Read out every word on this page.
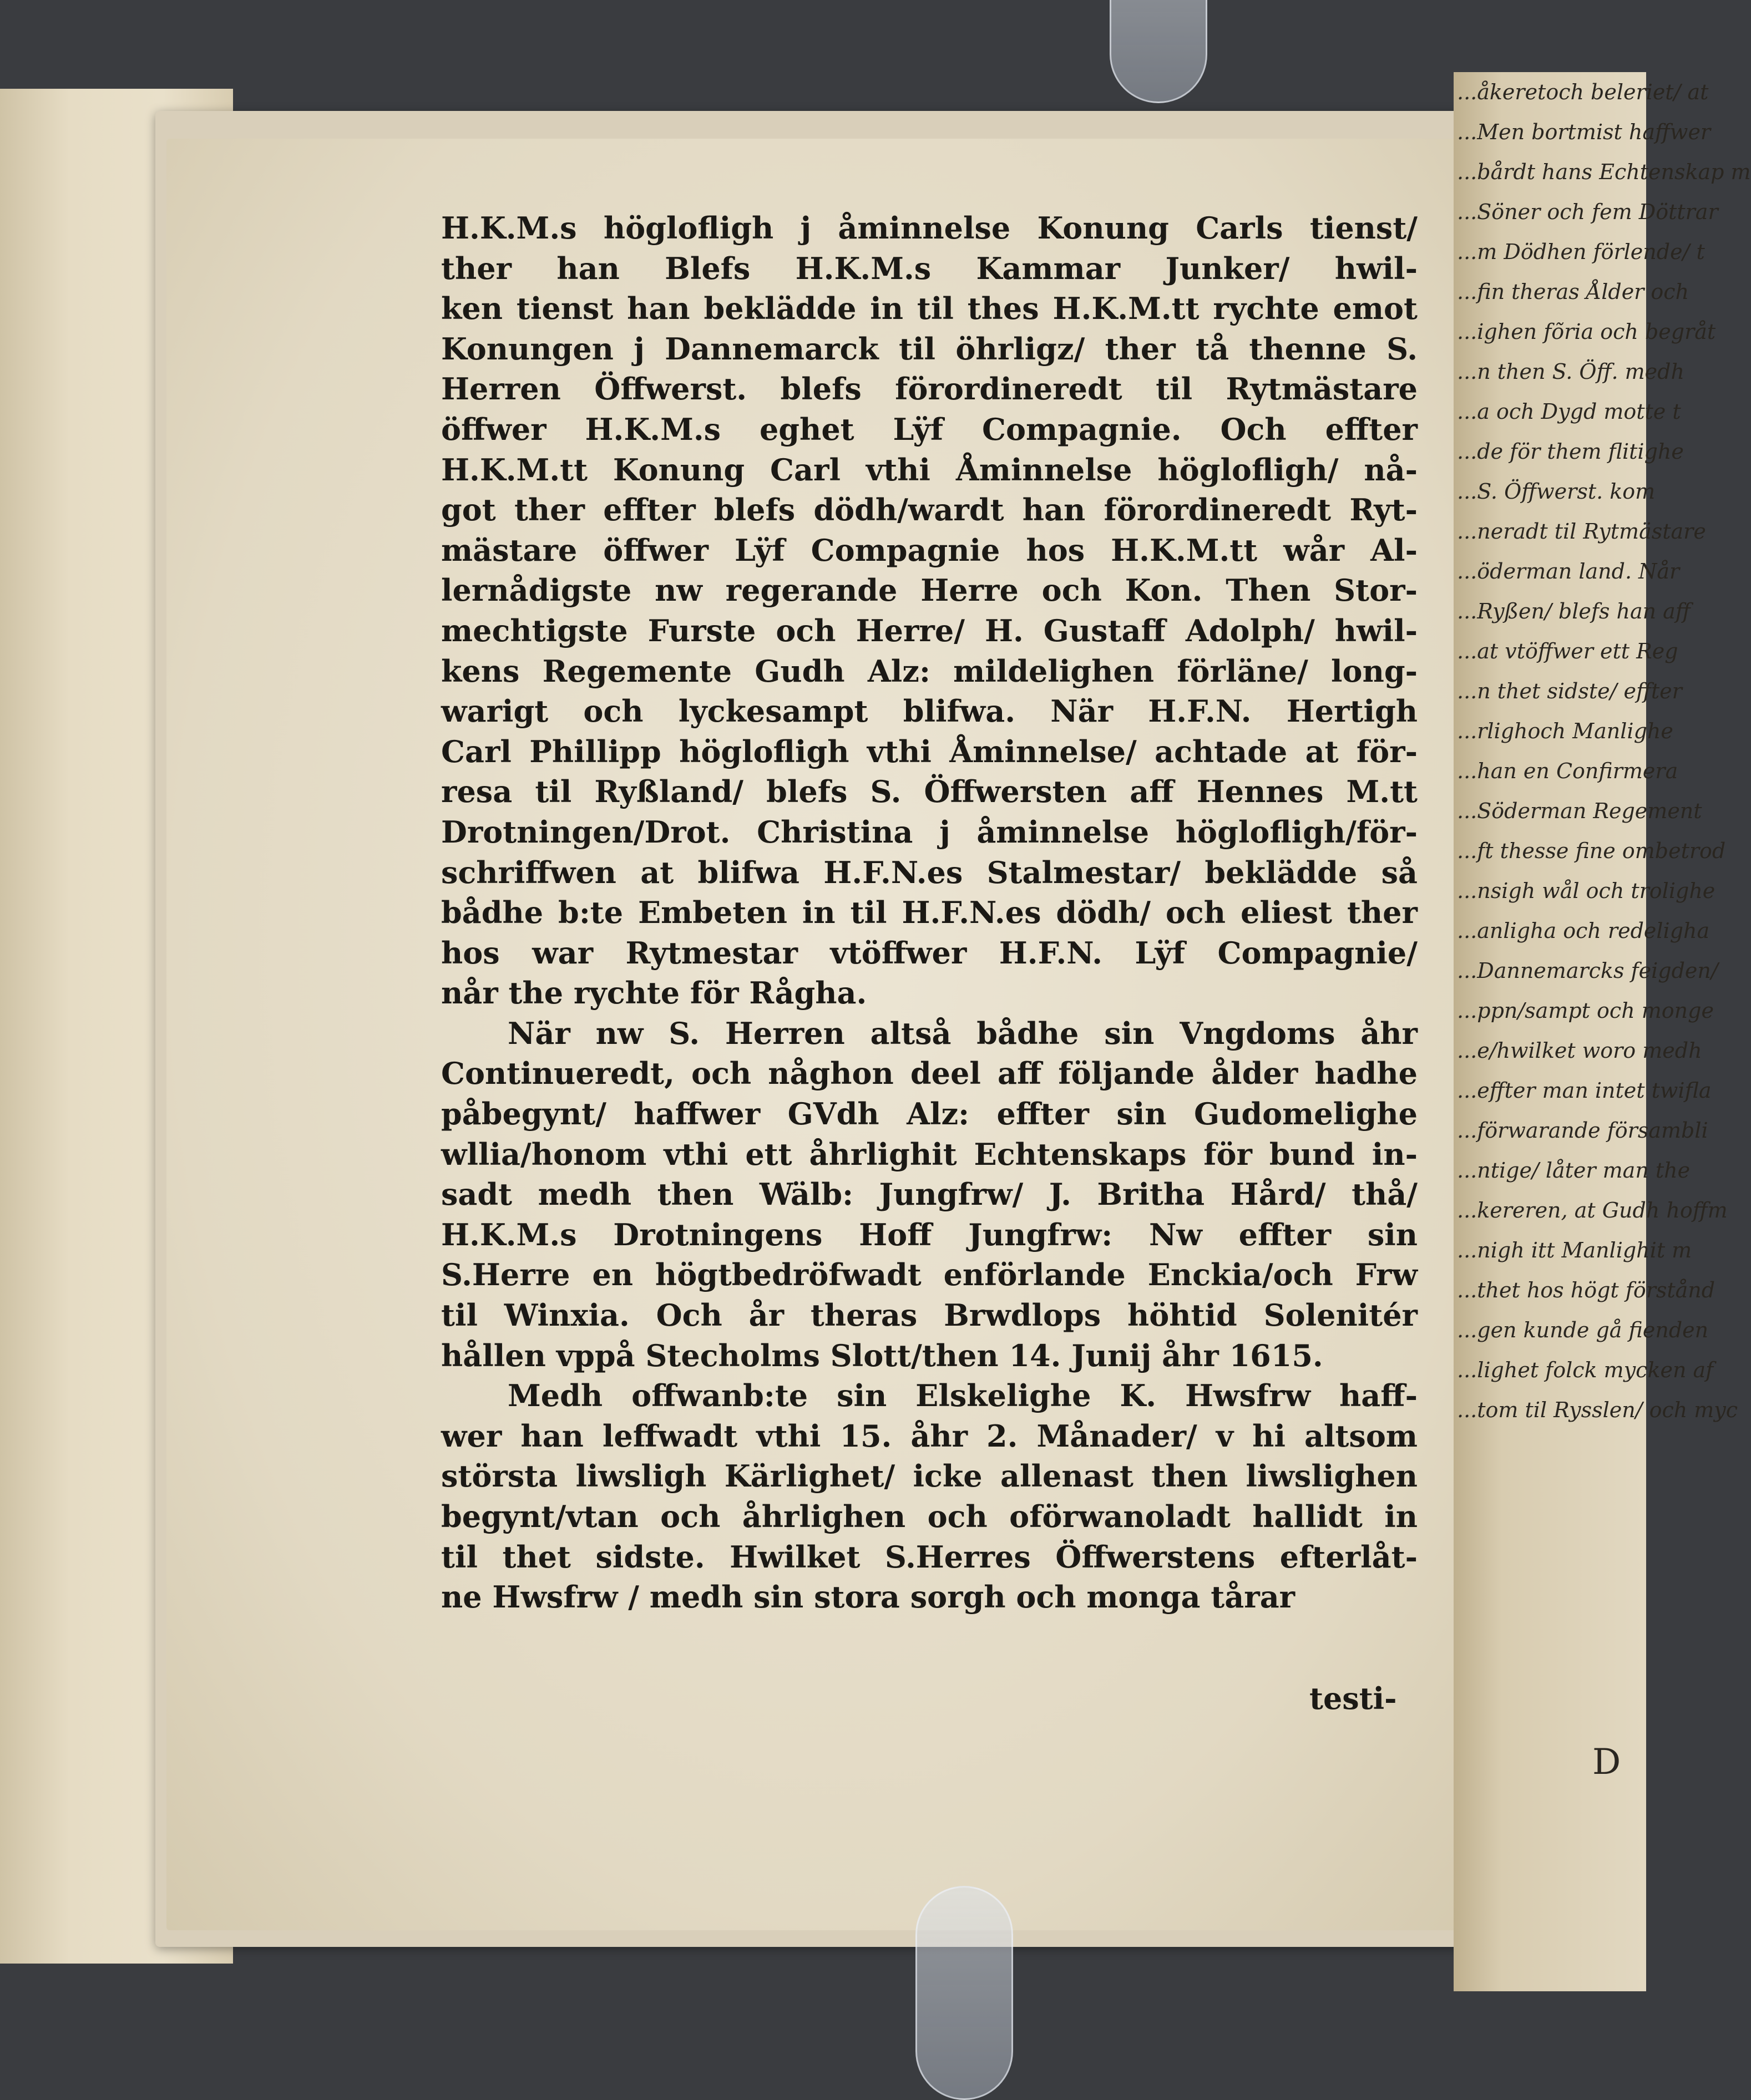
H.K.M.s höglofligh j åminnelse Konung Carls tienst/
ther han Blefs H.K.M.s Kammar Junker/ hwil-
ken tienst han beklädde in til thes H.K.M.tt rychte emot
Konungen j Dannemarck til öhrligz/ ther tå thenne S.
Herren Öffwerst. blefs förordineredt til Rytmästare
öffwer H.K.M.s eghet Lÿf Compagnie. Och effter
H.K.M.tt Konung Carl vthi Åminnelse höglofligh/ nå-
got ther effter blefs dödh/wardt han förordineredt Ryt-
mästare öffwer Lÿf Compagnie hos H.K.M.tt wår Al-
lernådigste nw regerande Herre och Kon. Then Stor-
mechtigste Furste och Herre/ H. Gustaff Adolph/ hwil-
kens Regemente Gudh Alz: mildelighen förläne/ long-
warigt och lyckesampt blifwa. När H.F.N. Hertigh
Carl Phillipp höglofligh vthi Åminnelse/ achtade at för-
resa til Ryßland/ blefs S. Öffwersten aff Hennes M.tt
Drotningen/Drot. Christina j åminnelse höglofligh/för-
schriffwen at blifwa H.F.N.es Stalmestar/ beklädde så
bådhe b:te Embeten in til H.F.N.es dödh/ och eliest ther
hos war Rytmestar vtöffwer H.F.N. Lÿf Compagnie/
når the rychte för Rågha.
När nw S. Herren altså bådhe sin Vngdoms åhr
Continueredt, och någhon deel aff följande ålder hadhe
påbegynt/ haffwer GVdh Alz: effter sin Gudomelighe
wllia/honom vthi ett åhrlighit Echtenskaps för bund in-
sadt medh then Wälb: Jungfrw/ J. Britha Hård/ thå/
H.K.M.s Drotningens Hoff Jungfrw: Nw effter sin
S.Herre en högtbedröfwadt enförlande Enckia/och Frw
til Winxia. Och år theras Brwdlops höhtid Solenitér
hållen vppå Stecholms Slott/then 14. Junij åhr 1615.
Medh offwanb:te sin Elskelighe K. Hwsfrw haff-
wer han leffwadt vthi 15. åhr 2. Månader/ v hi altsom
största liwsligh Kärlighet/ icke allenast then liwslighen
begynt/vtan och åhrlighen och oförwanoladt hallidt in
til thet sidste. Hwilket S.Herres Öffwerstens efterlåt-
ne Hwsfrw / medh sin stora sorgh och monga tårar
testi-
...åkeretoch beleriet/ at
...Men bortmist haffwer
...bårdt hans Echtenskap m
...Söner och fem Döttrar
...m Dödhen förlende/ t
...fin theras Ålder och
...ighen fõria och begråt
...n then S. Öff. medh
...a och Dygd motte t
...de för them flitighe
...S. Öffwerst. kom
...neradt til Rytmästare
...öderman land. Når
...Ryßen/ blefs han aff
...at vtöffwer ett Reg
...n thet sidste/ effter
...rlighoch Manlighe
...han en Confirmera
...Söderman Regement
...ft thesse fine ombetrod
...nsigh wål och trolighe
...anligha och redeligha
...Dannemarcks feigden/
...ppn/sampt och monge
...e/hwilket woro medh
...effter man intet twifla
...förwarande försambli
...ntige/ låter man the
...kereren, at Gudh hoffm
...nigh itt Manlighit m
...thet hos högt förstånd
...gen kunde gå fienden
...lighet folck mycken af
...tom til Rysslen/ och myc
D
